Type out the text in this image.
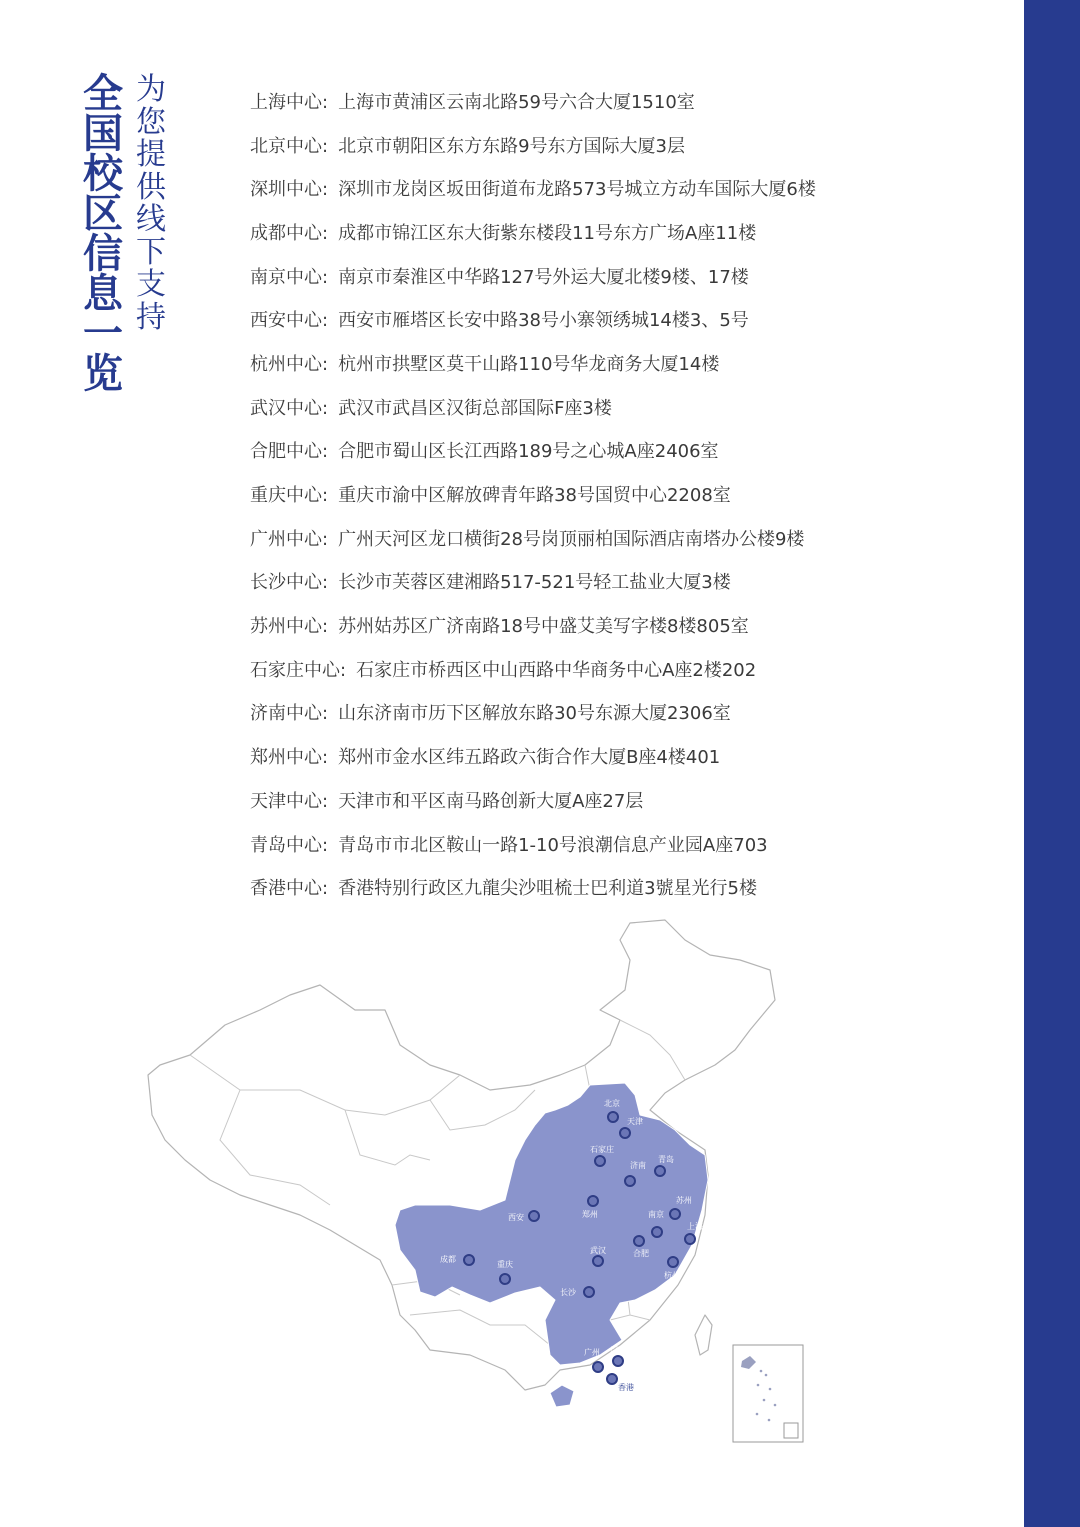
全国校区信息一览
为您提供线下支持
上海中心: 上海市黄浦区云南北路59号六合大厦1510室
北京中心: 北京市朝阳区东方东路9号东方国际大厦3层
深圳中心: 深圳市龙岗区坂田街道布龙路573号城立方动车国际大厦6楼
成都中心: 成都市锦江区东大街紫东楼段11号东方广场A座11楼
南京中心: 南京市秦淮区中华路127号外运大厦北楼9楼、17楼
西安中心: 西安市雁塔区长安中路38号小寨领绣城14楼3、5号
杭州中心: 杭州市拱墅区莫干山路110号华龙商务大厦14楼
武汉中心: 武汉市武昌区汉街总部国际F座3楼
合肥中心: 合肥市蜀山区长江西路189号之心城A座2406室
重庆中心: 重庆市渝中区解放碑青年路38号国贸中心2208室
广州中心: 广州天河区龙口横街28号岗顶丽柏国际酒店南塔办公楼9楼
长沙中心: 长沙市芙蓉区建湘路517-521号轻工盐业大厦3楼
苏州中心: 苏州姑苏区广济南路18号中盛艾美写字楼8楼805室
石家庄中心: 石家庄市桥西区中山西路中华商务中心A座2楼202
济南中心: 山东济南市历下区解放东路30号东源大厦2306室
郑州中心: 郑州市金水区纬五路政六街合作大厦B座4楼401
天津中心: 天津市和平区南马路创新大厦A座27层
青岛中心: 青岛市市北区鞍山一路1-10号浪潮信息产业园A座703
香港中心: 香港特别行政区九龍尖沙咀梳士巴利道3號星光行5楼
北京
天津
石家庄
济南
青岛
西安	郑州	南京
苏州
上海
合肥
武汉
杭州
成都
重庆
长沙
广州 深圳
香港
